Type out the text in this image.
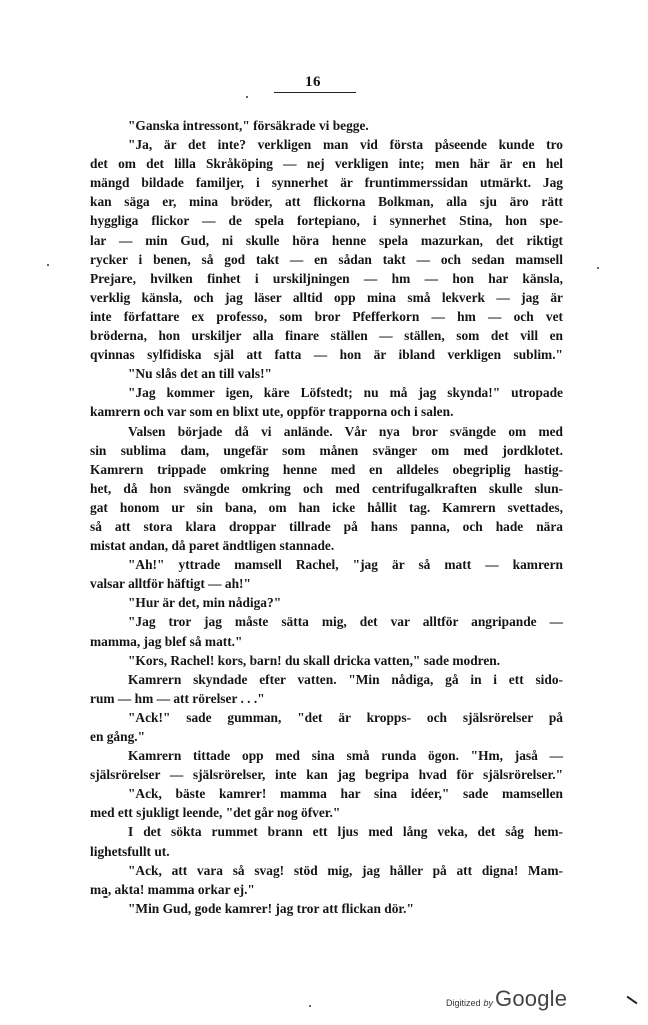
16
"Ganska intressont," försäkrade vi begge.
"Ja, är det inte? verkligen man vid första påseende kunde tro
det om det lilla Skråköping — nej verkligen inte; men här är en hel
mängd bildade familjer, i synnerhet är fruntimmerssidan utmärkt. Jag
kan säga er, mina bröder, att flickorna Bolkman, alla sju äro rätt
hyggliga flickor — de spela fortepiano, i synnerhet Stina, hon spe-
lar — min Gud, ni skulle höra henne spela mazurkan, det riktigt
rycker i benen, så god takt — en sådan takt — och sedan mamsell
Prejare, hvilken finhet i urskiljningen — hm — hon har känsla,
verklig känsla, och jag läser alltid opp mina små lekverk — jag är
inte författare ex professo, som bror Pfefferkorn — hm — och vet
bröderna, hon urskiljer alla finare ställen — ställen, som det vill en
qvinnas sylfidiska själ att fatta — hon är ibland verkligen sublim."
"Nu slås det an till vals!"
"Jag kommer igen, käre Löfstedt; nu må jag skynda!" utropade
kamrern och var som en blixt ute, oppför trapporna och i salen.
Valsen började då vi anlände. Vår nya bror svängde om med
sin sublima dam, ungefär som månen svänger om med jordklotet.
Kamrern trippade omkring henne med en alldeles obegriplig hastig-
het, då hon svängde omkring och med centrifugalkraften skulle slun-
gat honom ur sin bana, om han icke hållit tag. Kamrern svettades,
så att stora klara droppar tillrade på hans panna, och hade nära
mistat andan, då paret ändtligen stannade.
"Ah!" yttrade mamsell Rachel, "jag är så matt — kamrern
valsar alltför häftigt — ah!"
"Hur är det, min nådiga?"
"Jag tror jag måste sätta mig, det var alltför angripande —
mamma, jag blef så matt."
"Kors, Rachel! kors, barn! du skall dricka vatten," sade modren.
Kamrern skyndade efter vatten. "Min nådiga, gå in i ett sido-
rum — hm — att rörelser . . ."
"Ack!" sade gumman, "det är kropps- och själsrörelser på
en gång."
Kamrern tittade opp med sina små runda ögon. "Hm, jaså —
själsrörelser — själsrörelser, inte kan jag begripa hvad för själsrörelser."
"Ack, bäste kamrer! mamma har sina idéer," sade mamsellen
med ett sjukligt leende, "det går nog öfver."
I det sökta rummet brann ett ljus med lång veka, det såg hem-
lighetsfullt ut.
"Ack, att vara så svag! stöd mig, jag håller på att digna! Mam-
ma, akta! mamma orkar ej."
"Min Gud, gode kamrer! jag tror att flickan dör."
Digitized by Google
